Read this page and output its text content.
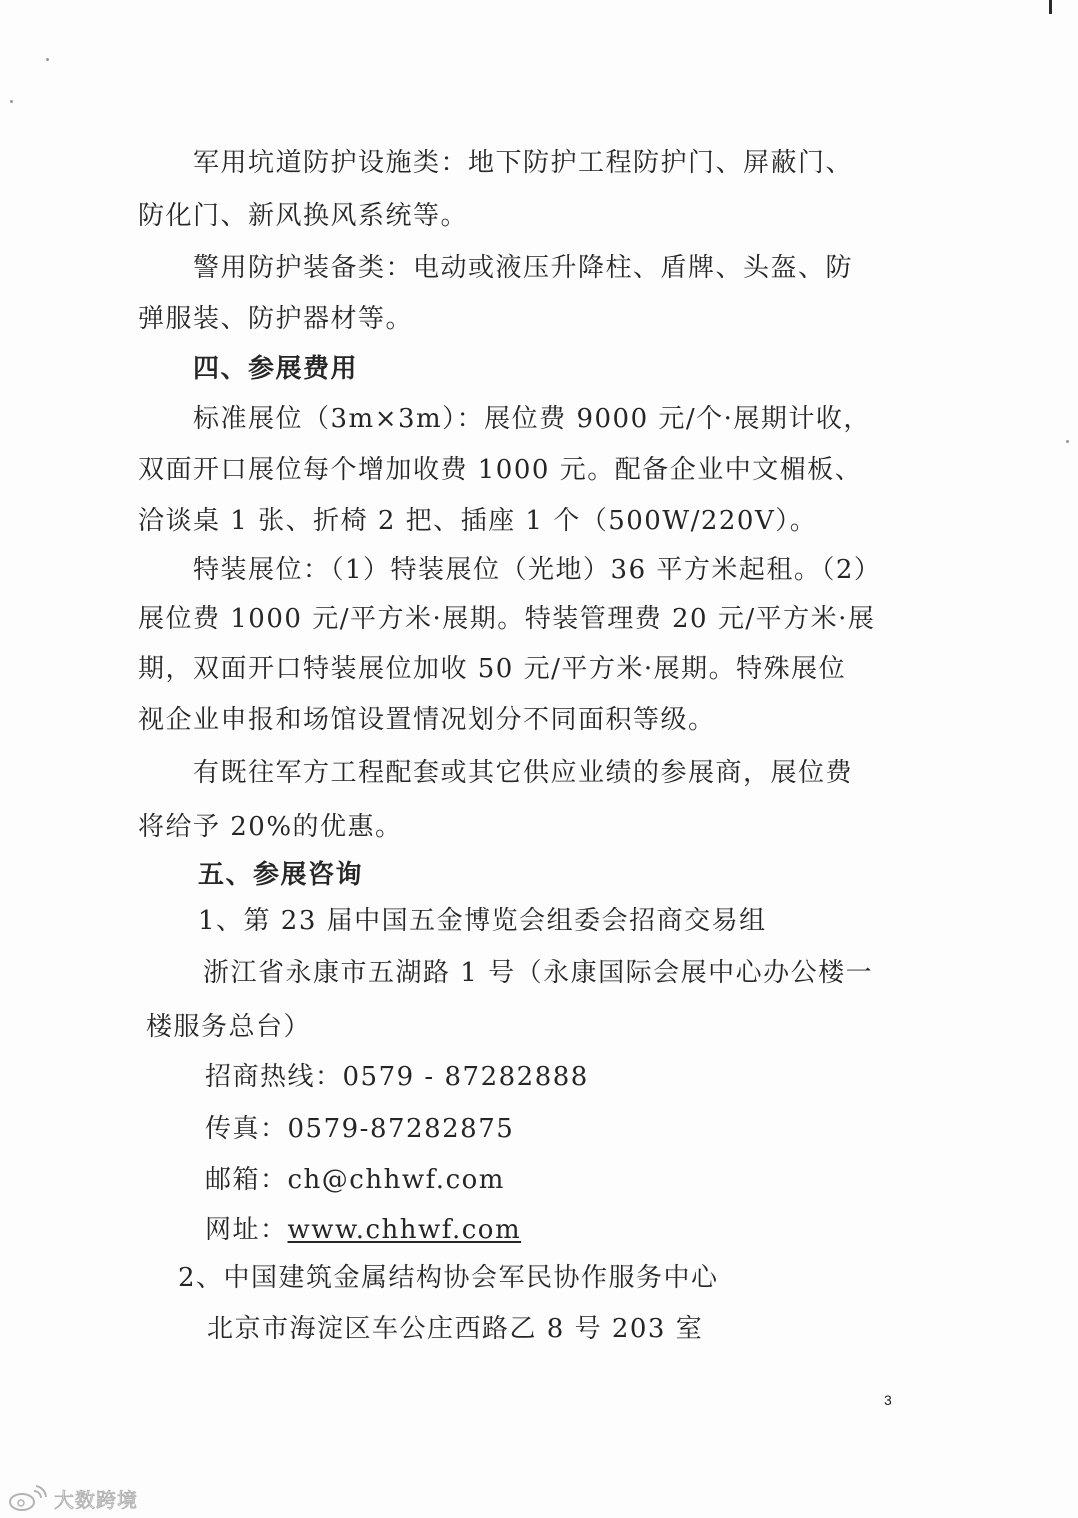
军用坑道防护设施类：地下防护工程防护门、屏蔽门、
防化门、新风换风系统等。
警用防护装备类：电动或液压升降柱、盾牌、头盔、防
弹服装、防护器材等。
四、参展费用
标准展位（3m×3m）：展位费 9000 元/个·展期计收，
双面开口展位每个增加收费 1000 元。配备企业中文楣板、
洽谈桌 1 张、折椅 2 把、插座 1 个（500W/220V）。
特装展位：（1）特装展位（光地）36 平方米起租。（2）
展位费 1000 元/平方米·展期。特装管理费 20 元/平方米·展
期，双面开口特装展位加收 50 元/平方米·展期。特殊展位
视企业申报和场馆设置情况划分不同面积等级。
有既往军方工程配套或其它供应业绩的参展商，展位费
将给予 20%的优惠。
五、参展咨询
1、第 23 届中国五金博览会组委会招商交易组
浙江省永康市五湖路 1 号（永康国际会展中心办公楼一
楼服务总台）
招商热线：0579 - 87282888
传真：0579-87282875
邮箱：ch@chhwf.com
网址：www.chhwf.com
2、中国建筑金属结构协会军民协作服务中心
北京市海淀区车公庄西路乙 8 号 203 室
3
大数跨境
